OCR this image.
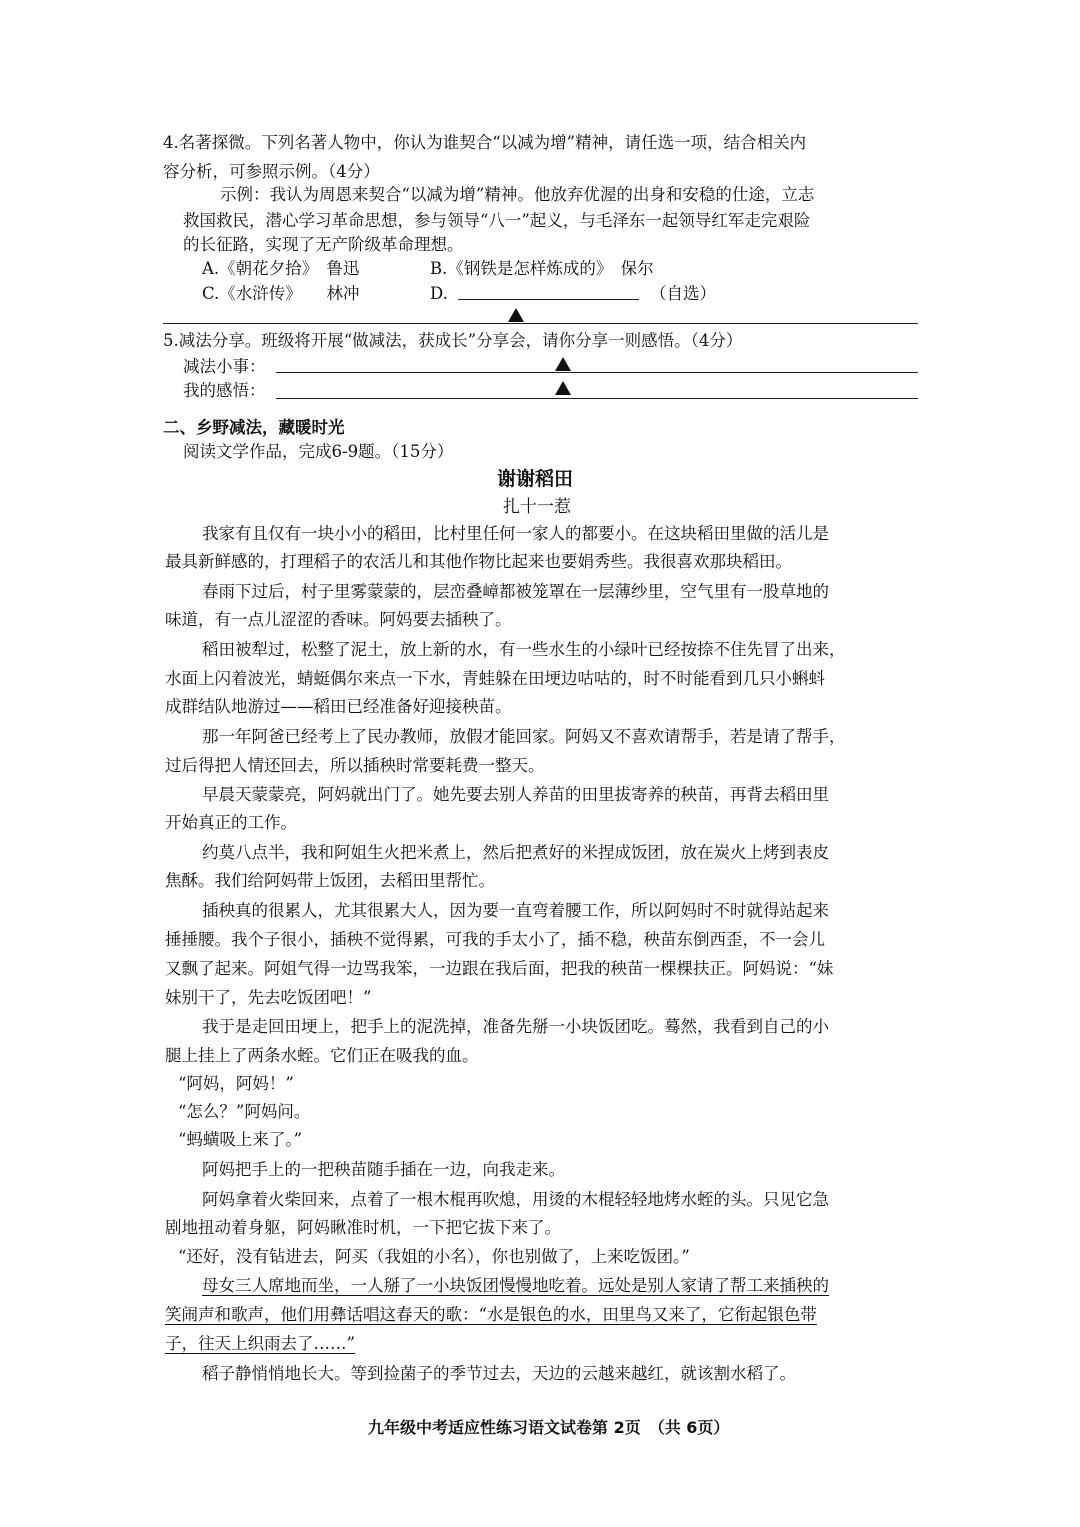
4.名著探微。下列名著人物中，你认为谁契合“以减为增”精神，请任选一项，结合相关内
容分析，可参照示例。（4分）
示例：我认为周恩来契合“以减为增”精神。他放弃优渥的出身和安稳的仕途，立志
救国救民，潜心学习革命思想，参与领导“八一”起义，与毛泽东一起领导红军走完艰险
的长征路，实现了无产阶级革命理想。
A.《朝花夕拾》　鲁迅	B.《钢铁是怎样炼成的》　保尔
C.《水浒传》　　林冲	D.	（自选）
5.减法分享。班级将开展“做减法，获成长”分享会，请你分享一则感悟。（4分）
减法小事：
我的感悟：
二、乡野减法，藏暖时光
阅读文学作品，完成6-9题。（15分）
谢谢稻田
扎十一惹
我家有且仅有一块小小的稻田，比村里任何一家人的都要小。在这块稻田里做的活儿是
最具新鲜感的，打理稻子的农活儿和其他作物比起来也要娟秀些。我很喜欢那块稻田。
春雨下过后，村子里雾蒙蒙的，层峦叠嶂都被笼罩在一层薄纱里，空气里有一股草地的
味道，有一点儿涩涩的香味。阿妈要去插秧了。
稻田被犁过，松整了泥土，放上新的水，有一些水生的小绿叶已经按捺不住先冒了出来，
水面上闪着波光，蜻蜓偶尔来点一下水，青蛙躲在田埂边咕咕的，时不时能看到几只小蝌蚪
成群结队地游过——稻田已经准备好迎接秧苗。
那一年阿爸已经考上了民办教师，放假才能回家。阿妈又不喜欢请帮手，若是请了帮手，
过后得把人情还回去，所以插秧时常要耗费一整天。
早晨天蒙蒙亮，阿妈就出门了。她先要去别人养苗的田里拔寄养的秧苗，再背去稻田里
开始真正的工作。
约莫八点半，我和阿姐生火把米煮上，然后把煮好的米捏成饭团，放在炭火上烤到表皮
焦酥。我们给阿妈带上饭团，去稻田里帮忙。
插秧真的很累人，尤其很累大人，因为要一直弯着腰工作，所以阿妈时不时就得站起来
捶捶腰。我个子很小，插秧不觉得累，可我的手太小了，插不稳，秧苗东倒西歪，不一会儿
又飘了起来。阿姐气得一边骂我笨，一边跟在我后面，把我的秧苗一棵棵扶正。阿妈说：“妹
妹别干了，先去吃饭团吧！”
我于是走回田埂上，把手上的泥洗掉，准备先掰一小块饭团吃。蓦然，我看到自己的小
腿上挂上了两条水蛭。它们正在吸我的血。
“阿妈，阿妈！”
“怎么？”阿妈问。
“蚂蟥吸上来了。”
阿妈把手上的一把秧苗随手插在一边，向我走来。
阿妈拿着火柴回来，点着了一根木棍再吹熄，用烫的木棍轻轻地烤水蛭的头。只见它急
剧地扭动着身躯，阿妈瞅准时机，一下把它拔下来了。
“还好，没有钻进去，阿买（我姐的小名），你也别做了，上来吃饭团。”
母女三人席地而坐，一人掰了一小块饭团慢慢地吃着。远处是别人家请了帮工来插秧的
笑闹声和歌声，他们用彝话唱这春天的歌：“水是银色的水，田里鸟又来了，它衔起银色带
子，往天上织雨去了……”
稻子静悄悄地长大。等到捡菌子的季节过去，天边的云越来越红，就该割水稻了。
九年级中考适应性练习语文试卷第 2页　（共 6页）
